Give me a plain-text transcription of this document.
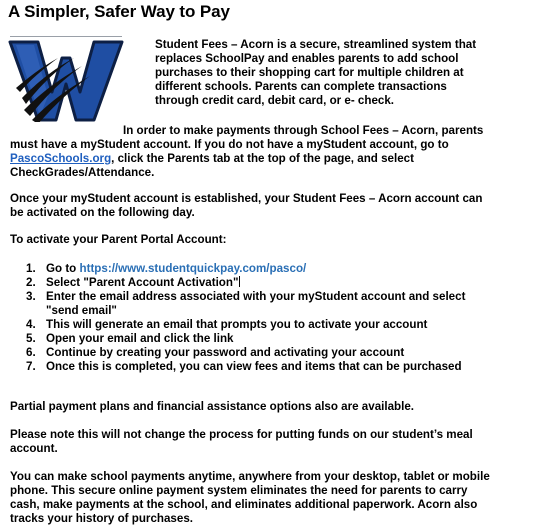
A Simpler, Safer Way to Pay
Student Fees – Acorn is a secure, streamlined system that
replaces SchoolPay and enables parents to add school
purchases to their shopping cart for multiple children at
different schools. Parents can complete transactions
through credit card, debit card, or e- check.
In order to make payments through School Fees – Acorn, parents
must have a myStudent account. If you do not have a myStudent account, go to
PascoSchools.org, click the Parents tab at the top of the page, and select
CheckGrades/Attendance.
Once your myStudent account is established, your Student Fees – Acorn account can
be activated on the following day.
To activate your Parent Portal Account:
1. Go to https://www.studentquickpay.com/pasco/
2. Select "Parent Account Activation"
3. Enter the email address associated with your myStudent account and select
"send email"
4. This will generate an email that prompts you to activate your account
5. Open your email and click the link
6. Continue by creating your password and activating your account
7. Once this is completed, you can view fees and items that can be purchased
Partial payment plans and financial assistance options also are available.
Please note this will not change the process for putting funds on our student’s meal
account.
You can make school payments anytime, anywhere from your desktop, tablet or mobile
phone. This secure online payment system eliminates the need for parents to carry
cash, make payments at the school, and eliminates additional paperwork. Acorn also
tracks your history of purchases.
